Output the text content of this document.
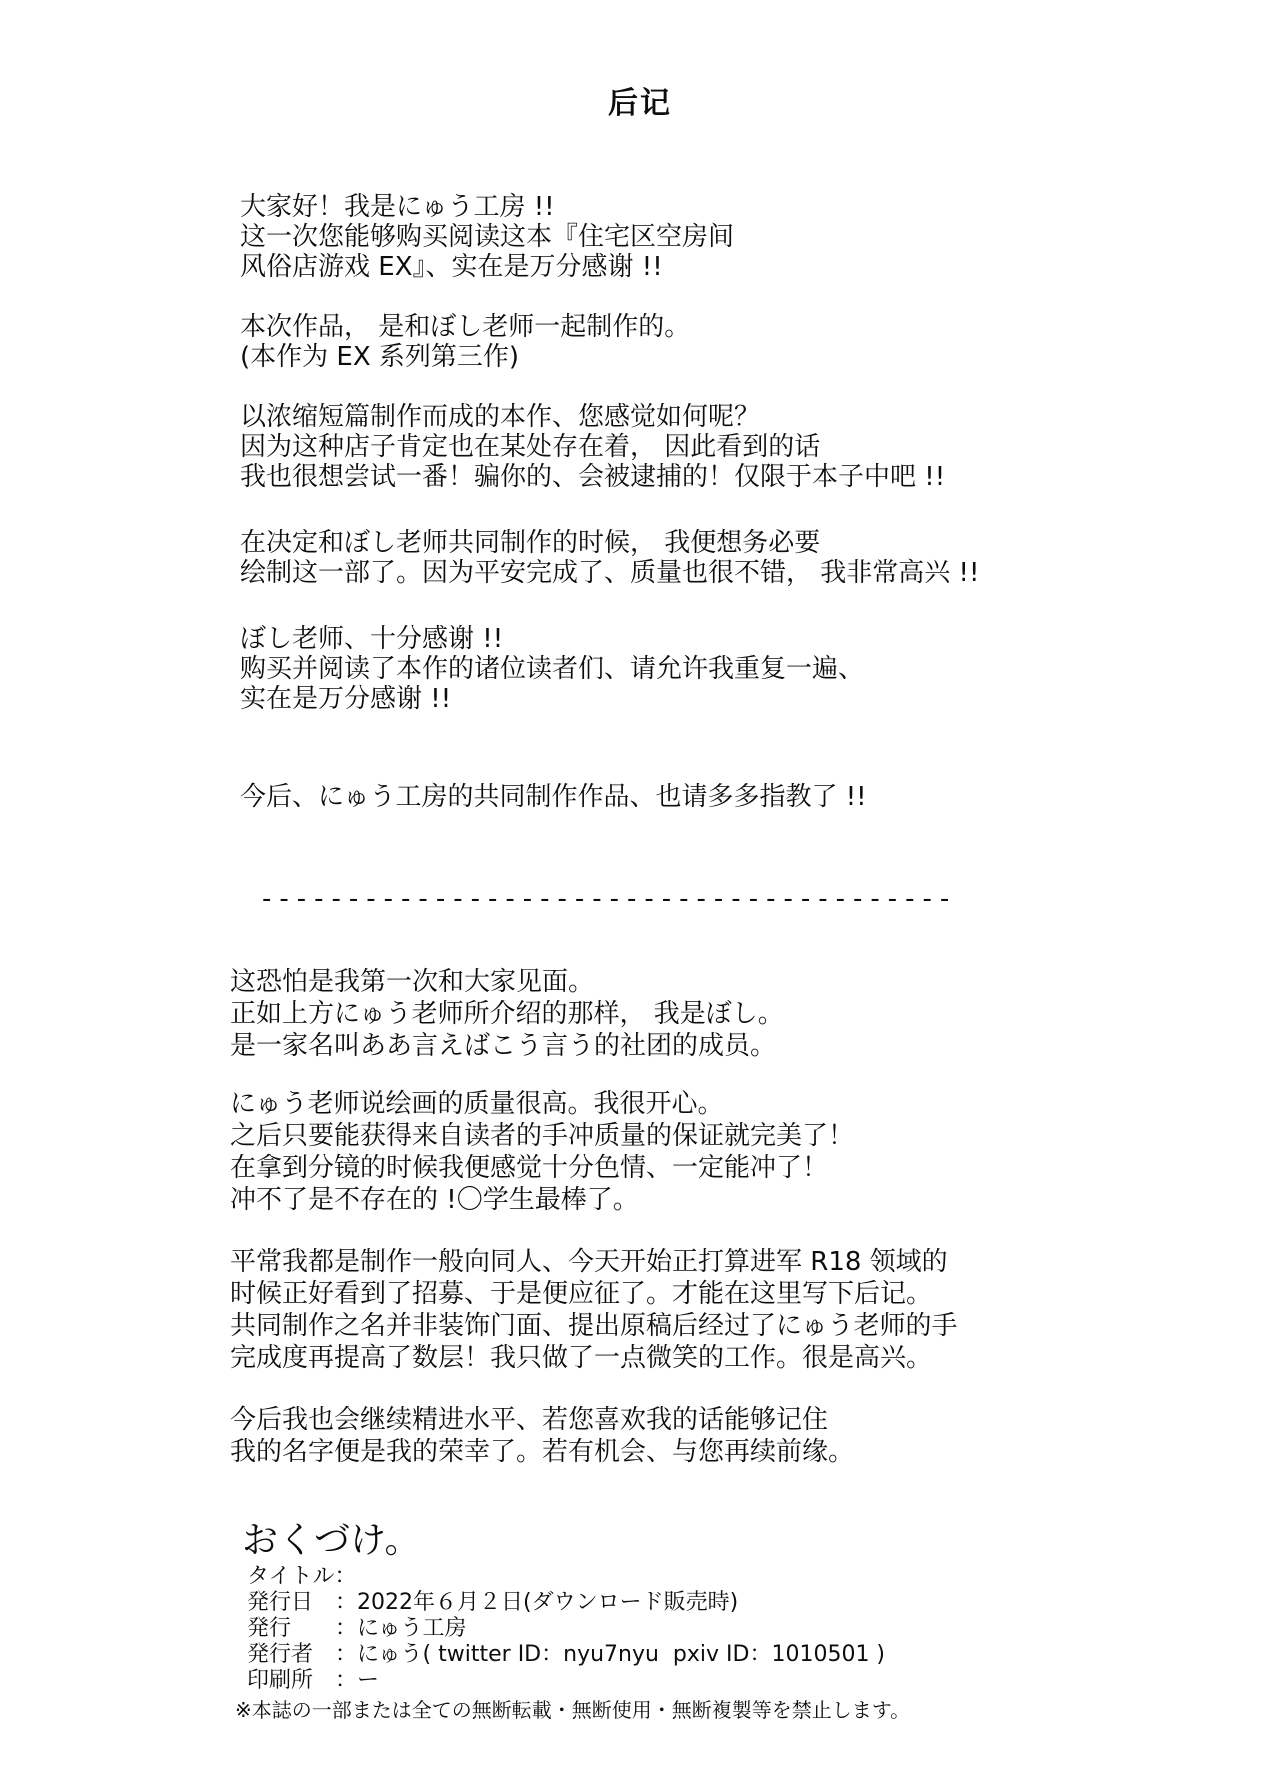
后记
大家好！我是にゅう工房 !!
这一次您能够购买阅读这本『住宅区空房间
风俗店游戏 EX』、实在是万分感谢 !!
本次作品， 是和ぼし老师一起制作的。
(本作为 EX 系列第三作)
以浓缩短篇制作而成的本作、您感觉如何呢？
因为这种店子肯定也在某处存在着， 因此看到的话
我也很想尝试一番！骗你的、会被逮捕的！仅限于本子中吧 !!
在决定和ぼし老师共同制作的时候， 我便想务必要
绘制这一部了。因为平安完成了、质量也很不错， 我非常高兴 !!
ぼし老师、十分感谢 !!
购买并阅读了本作的诸位读者们、请允许我重复一遍、
实在是万分感谢 !!
今后、にゅう工房的共同制作作品、也请多多指教了 !!
----------------------------------------
这恐怕是我第一次和大家见面。
正如上方にゅう老师所介绍的那样， 我是ぼし。
是一家名叫ああ言えばこう言う的社团的成员。
にゅう老师说绘画的质量很高。我很开心。
之后只要能获得来自读者的手冲质量的保证就完美了！
在拿到分镜的时候我便感觉十分色情、一定能冲了！
冲不了是不存在的 !〇学生最棒了。
平常我都是制作一般向同人、今天开始正打算进军 R18 领域的
时候正好看到了招募、于是便应征了。才能在这里写下后记。
共同制作之名并非装饰门面、提出原稿后经过了にゅう老师的手
完成度再提高了数层！我只做了一点微笑的工作。很是高兴。
今后我也会继续精进水平、若您喜欢我的话能够记住
我的名字便是我的荣幸了。若有机会、与您再续前缘。
おくづけ。
タイトル：
発行日　：2022年６月２日(ダウンロード販売時)
発行　　：にゅう工房
発行者　：にゅう( twitter ID：nyu7nyu  pxiv ID：1010501 )
印刷所　：ー
※本誌の一部または全ての無断転載・無断使用・無断複製等を禁止します。
